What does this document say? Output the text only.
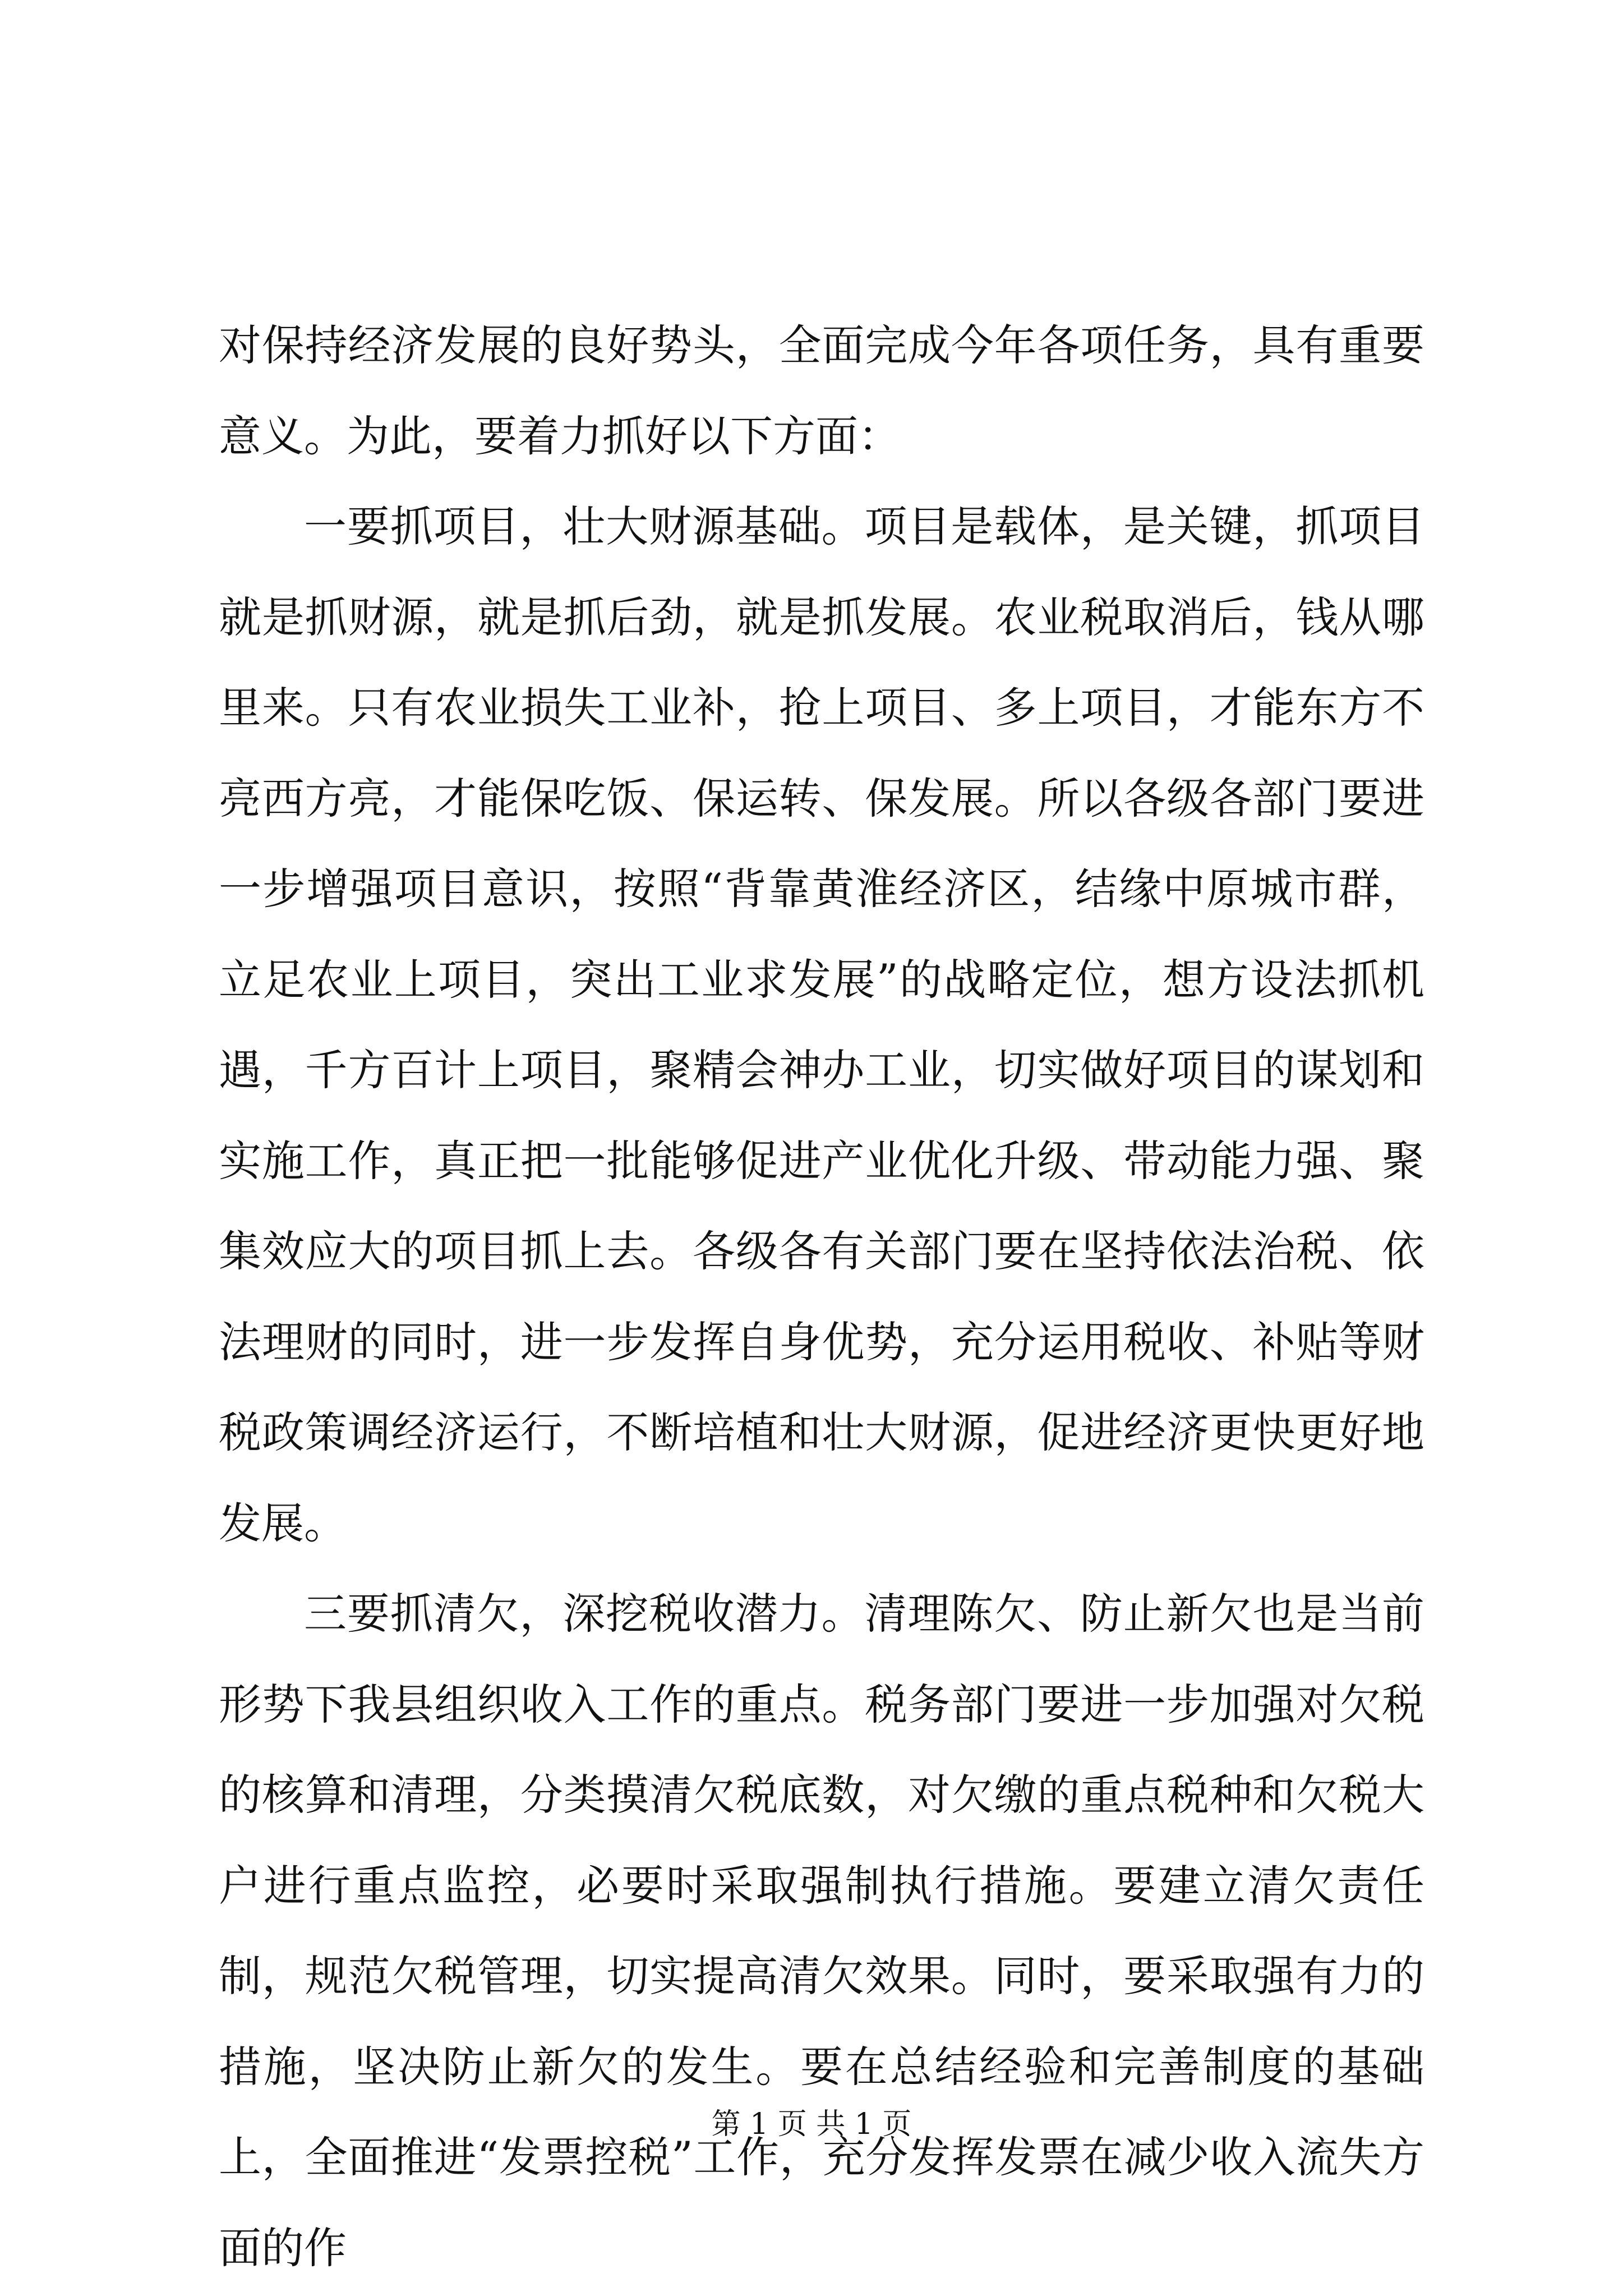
对保持经济发展的良好势头，全面完成今年各项任务，具有重要意义。为此，要着力抓好以下方面：

一要抓项目，壮大财源基础。项目是载体，是关键，抓项目就是抓财源，就是抓后劲，就是抓发展。农业税取消后，钱从哪里来。只有农业损失工业补，抢上项目、多上项目，才能东方不亮西方亮，才能保吃饭、保运转、保发展。所以各级各部门要进一步增强项目意识，按照“背靠黄淮经济区，结缘中原城市群，立足农业上项目，突出工业求发展”的战略定位，想方设法抓机遇，千方百计上项目，聚精会神办工业，切实做好项目的谋划和实施工作，真正把一批能够促进产业优化升级、带动能力强、聚集效应大的项目抓上去。各级各有关部门要在坚持依法治税、依法理财的同时，进一步发挥自身优势，充分运用税收、补贴等财税政策调经济运行，不断培植和壮大财源，促进经济更快更好地发展。

三要抓清欠，深挖税收潜力。清理陈欠、防止新欠也是当前形势下我县组织收入工作的重点。税务部门要进一步加强对欠税的核算和清理，分类摸清欠税底数，对欠缴的重点税种和欠税大户进行重点监控，必要时采取强制执行措施。要建立清欠责任制，规范欠税管理，切实提高清欠效果。同时，要采取强有力的措施，坚决防止新欠的发生。要在总结经验和完善制度的基础上，全面推进“发票控税”工作，充分发挥发票在减少收入流失方面的作

第 1 页 共 1 页
